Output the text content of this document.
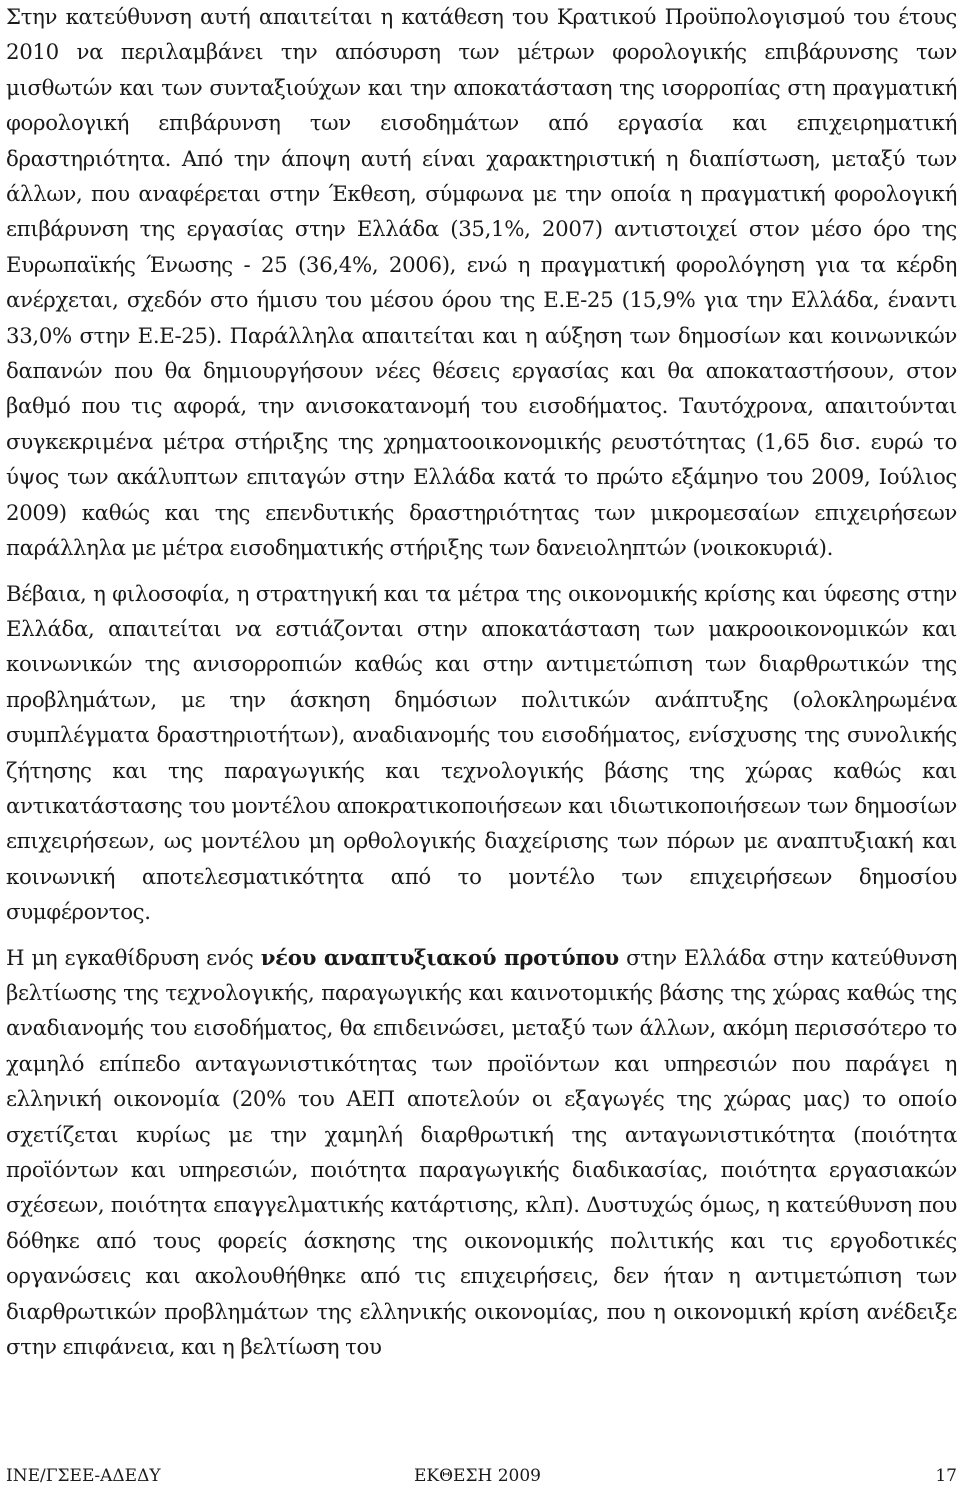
Στην κατεύθυνση αυτή απαιτείται η κατάθεση του Κρατικού Προϋπολογισμού του έτους 2010 να περιλαμβάνει την απόσυρση των μέτρων φορολογικής επιβάρυνσης των μισθωτών και των συνταξιούχων και την αποκατάσταση της ισορροπίας στη πραγματική φορολογική επιβάρυνση των εισοδημάτων από εργασία και επιχειρηματική δραστηριότητα. Από την άποψη αυτή είναι χαρακτηριστική η διαπίστωση, μεταξύ των άλλων, που αναφέρεται στην Έκθεση, σύμφωνα με την οποία η πραγματική φορολογική επιβάρυνση της εργασίας στην Ελλάδα (35,1%, 2007) αντιστοιχεί στον μέσο όρο της Ευρωπαϊκής Ένωσης - 25 (36,4%, 2006), ενώ η πραγματική φορολόγηση για τα κέρδη ανέρχεται, σχεδόν στο ήμισυ του μέσου όρου της Ε.Ε-25 (15,9% για την Ελλάδα, έναντι 33,0% στην Ε.Ε-25). Παράλληλα απαιτείται και η αύξηση των δημοσίων και κοινωνικών δαπανών που θα δημιουργήσουν νέες θέσεις εργασίας και θα αποκαταστήσουν, στον βαθμό που τις αφορά, την ανισοκατανομή του εισοδήματος. Ταυτόχρονα, απαιτούνται συγκεκριμένα μέτρα στήριξης της χρηματοοικονομικής ρευστότητας (1,65 δισ. ευρώ το ύψος των ακάλυπτων επιταγών στην Ελλάδα κατά το πρώτο εξάμηνο του 2009, Ιούλιος 2009) καθώς και της επενδυτικής δραστηριότητας των μικρομεσαίων επιχειρήσεων παράλληλα με μέτρα εισοδηματικής στήριξης των δανειοληπτών (νοικοκυριά).

Βέβαια, η φιλοσοφία, η στρατηγική και τα μέτρα της οικονομικής κρίσης και ύφεσης στην Ελλάδα, απαιτείται να εστιάζονται στην αποκατάσταση των μακροοικονομικών και κοινωνικών της ανισορροπιών καθώς και στην αντιμετώπιση των διαρθρωτικών της προβλημάτων, με την άσκηση δημόσιων πολιτικών ανάπτυξης (ολοκληρωμένα συμπλέγματα δραστηριοτήτων), αναδιανομής του εισοδήματος, ενίσχυσης της συνολικής ζήτησης και της παραγωγικής και τεχνολογικής βάσης της χώρας καθώς και αντικατάστασης του μοντέλου αποκρατικοποιήσεων και ιδιωτικοποιήσεων των δημοσίων επιχειρήσεων, ως μοντέλου μη ορθολογικής διαχείρισης των πόρων με αναπτυξιακή και κοινωνική αποτελεσματικότητα από το μοντέλο των επιχειρήσεων δημοσίου συμφέροντος.

Η μη εγκαθίδρυση ενός νέου αναπτυξιακού προτύπου στην Ελλάδα στην κατεύθυνση βελτίωσης της τεχνολογικής, παραγωγικής και καινοτομικής βάσης της χώρας καθώς της αναδιανομής του εισοδήματος, θα επιδεινώσει, μεταξύ των άλλων, ακόμη περισσότερο το χαμηλό επίπεδο ανταγωνιστικότητας των προϊόντων και υπηρεσιών που παράγει η ελληνική οικονομία (20% του ΑΕΠ αποτελούν οι εξαγωγές της χώρας μας) το οποίο σχετίζεται κυρίως με την χαμηλή διαρθρωτική της ανταγωνιστικότητα (ποιότητα προϊόντων και υπηρεσιών, ποιότητα παραγωγικής διαδικασίας, ποιότητα εργασιακών σχέσεων, ποιότητα επαγγελματικής κατάρτισης, κλπ). Δυστυχώς όμως, η κατεύθυνση που δόθηκε από τους φορείς άσκησης της οικονομικής πολιτικής και τις εργοδοτικές οργανώσεις και ακολουθήθηκε από τις επιχειρήσεις, δεν ήταν η αντιμετώπιση των διαρθρωτικών προβλημάτων της ελληνικής οικονομίας, που η οικονομική κρίση ανέδειξε στην επιφάνεια, και η βελτίωση του

ΙΝΕ/ΓΣΕΕ-ΑΔΕΔΥ	ΕΚΘΕΣΗ 2009	17
